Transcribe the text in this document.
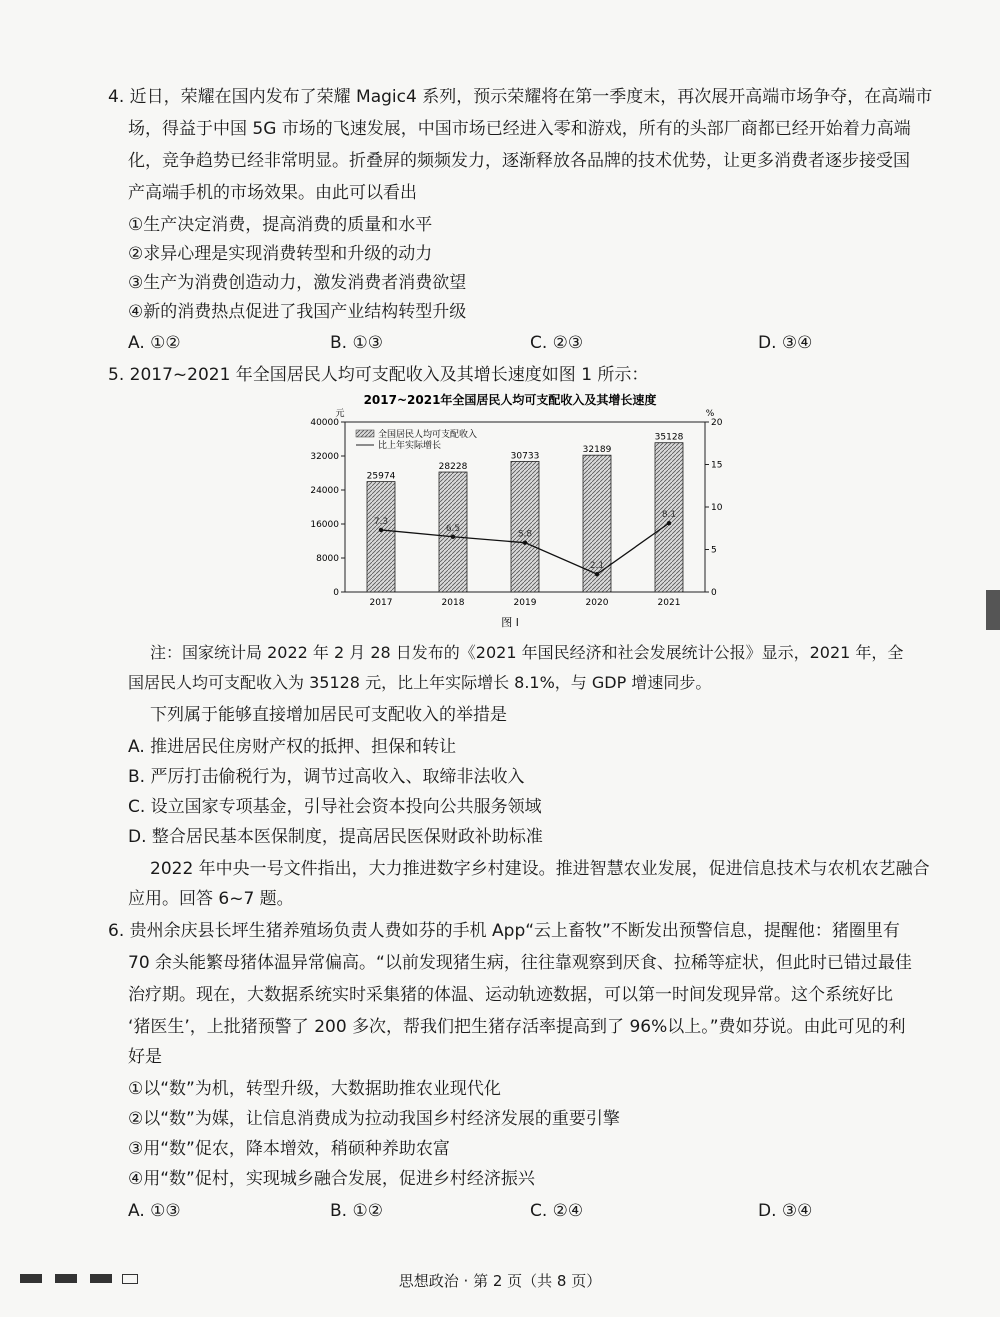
4. 近日，荣耀在国内发布了荣耀 Magic4 系列，预示荣耀将在第一季度末，再次展开高端市场争夺，在高端市
场，得益于中国 5G 市场的飞速发展，中国市场已经进入零和游戏，所有的头部厂商都已经开始着力高端
化，竞争趋势已经非常明显。折叠屏的频频发力，逐渐释放各品牌的技术优势，让更多消费者逐步接受国
产高端手机的市场效果。由此可以看出
①生产决定消费，提高消费的质量和水平
②求异心理是实现消费转型和升级的动力
③生产为消费创造动力，激发消费者消费欲望
④新的消费热点促进了我国产业结构转型升级
A. ①②	B. ①③	C. ②③	D. ③④
5. 2017~2021 年全国居民人均可支配收入及其增长速度如图 1 所示：
2017~2021年全国居民人均可支配收入及其增长速度
元	%
0
8000
16000
24000
32000
40000
0
5
10
15
20
25974
28228
30733
32189
35128
7.3
6.5
5.8
2.1
8.1
2017	2018	2019	2020	2021
全国居民人均可支配收入
比上年实际增长
图 l
注：国家统计局 2022 年 2 月 28 日发布的《2021 年国民经济和社会发展统计公报》显示，2021 年，全
国居民人均可支配收入为 35128 元，比上年实际增长 8.1%，与 GDP 增速同步。
下列属于能够直接增加居民可支配收入的举措是
A. 推进居民住房财产权的抵押、担保和转让
B. 严厉打击偷税行为，调节过高收入、取缔非法收入
C. 设立国家专项基金，引导社会资本投向公共服务领域
D. 整合居民基本医保制度，提高居民医保财政补助标准
2022 年中央一号文件指出，大力推进数字乡村建设。推进智慧农业发展，促进信息技术与农机农艺融合
应用。回答 6~7 题。
6. 贵州余庆县长坪生猪养殖场负责人费如芬的手机 App“云上畜牧”不断发出预警信息，提醒他：猪圈里有
70 余头能繁母猪体温异常偏高。“以前发现猪生病，往往靠观察到厌食、拉稀等症状，但此时已错过最佳
治疗期。现在，大数据系统实时采集猪的体温、运动轨迹数据，可以第一时间发现异常。这个系统好比
‘猪医生’，上批猪预警了 200 多次，帮我们把生猪存活率提高到了 96%以上。”费如芬说。由此可见的利
好是
①以“数”为机，转型升级，大数据助推农业现代化
②以“数”为媒，让信息消费成为拉动我国乡村经济发展的重要引擎
③用“数”促农，降本增效，稍硕种养助农富
④用“数”促村，实现城乡融合发展，促进乡村经济振兴
A. ①③	B. ①②	C. ②④	D. ③④
思想政治 · 第 2 页（共 8 页）
